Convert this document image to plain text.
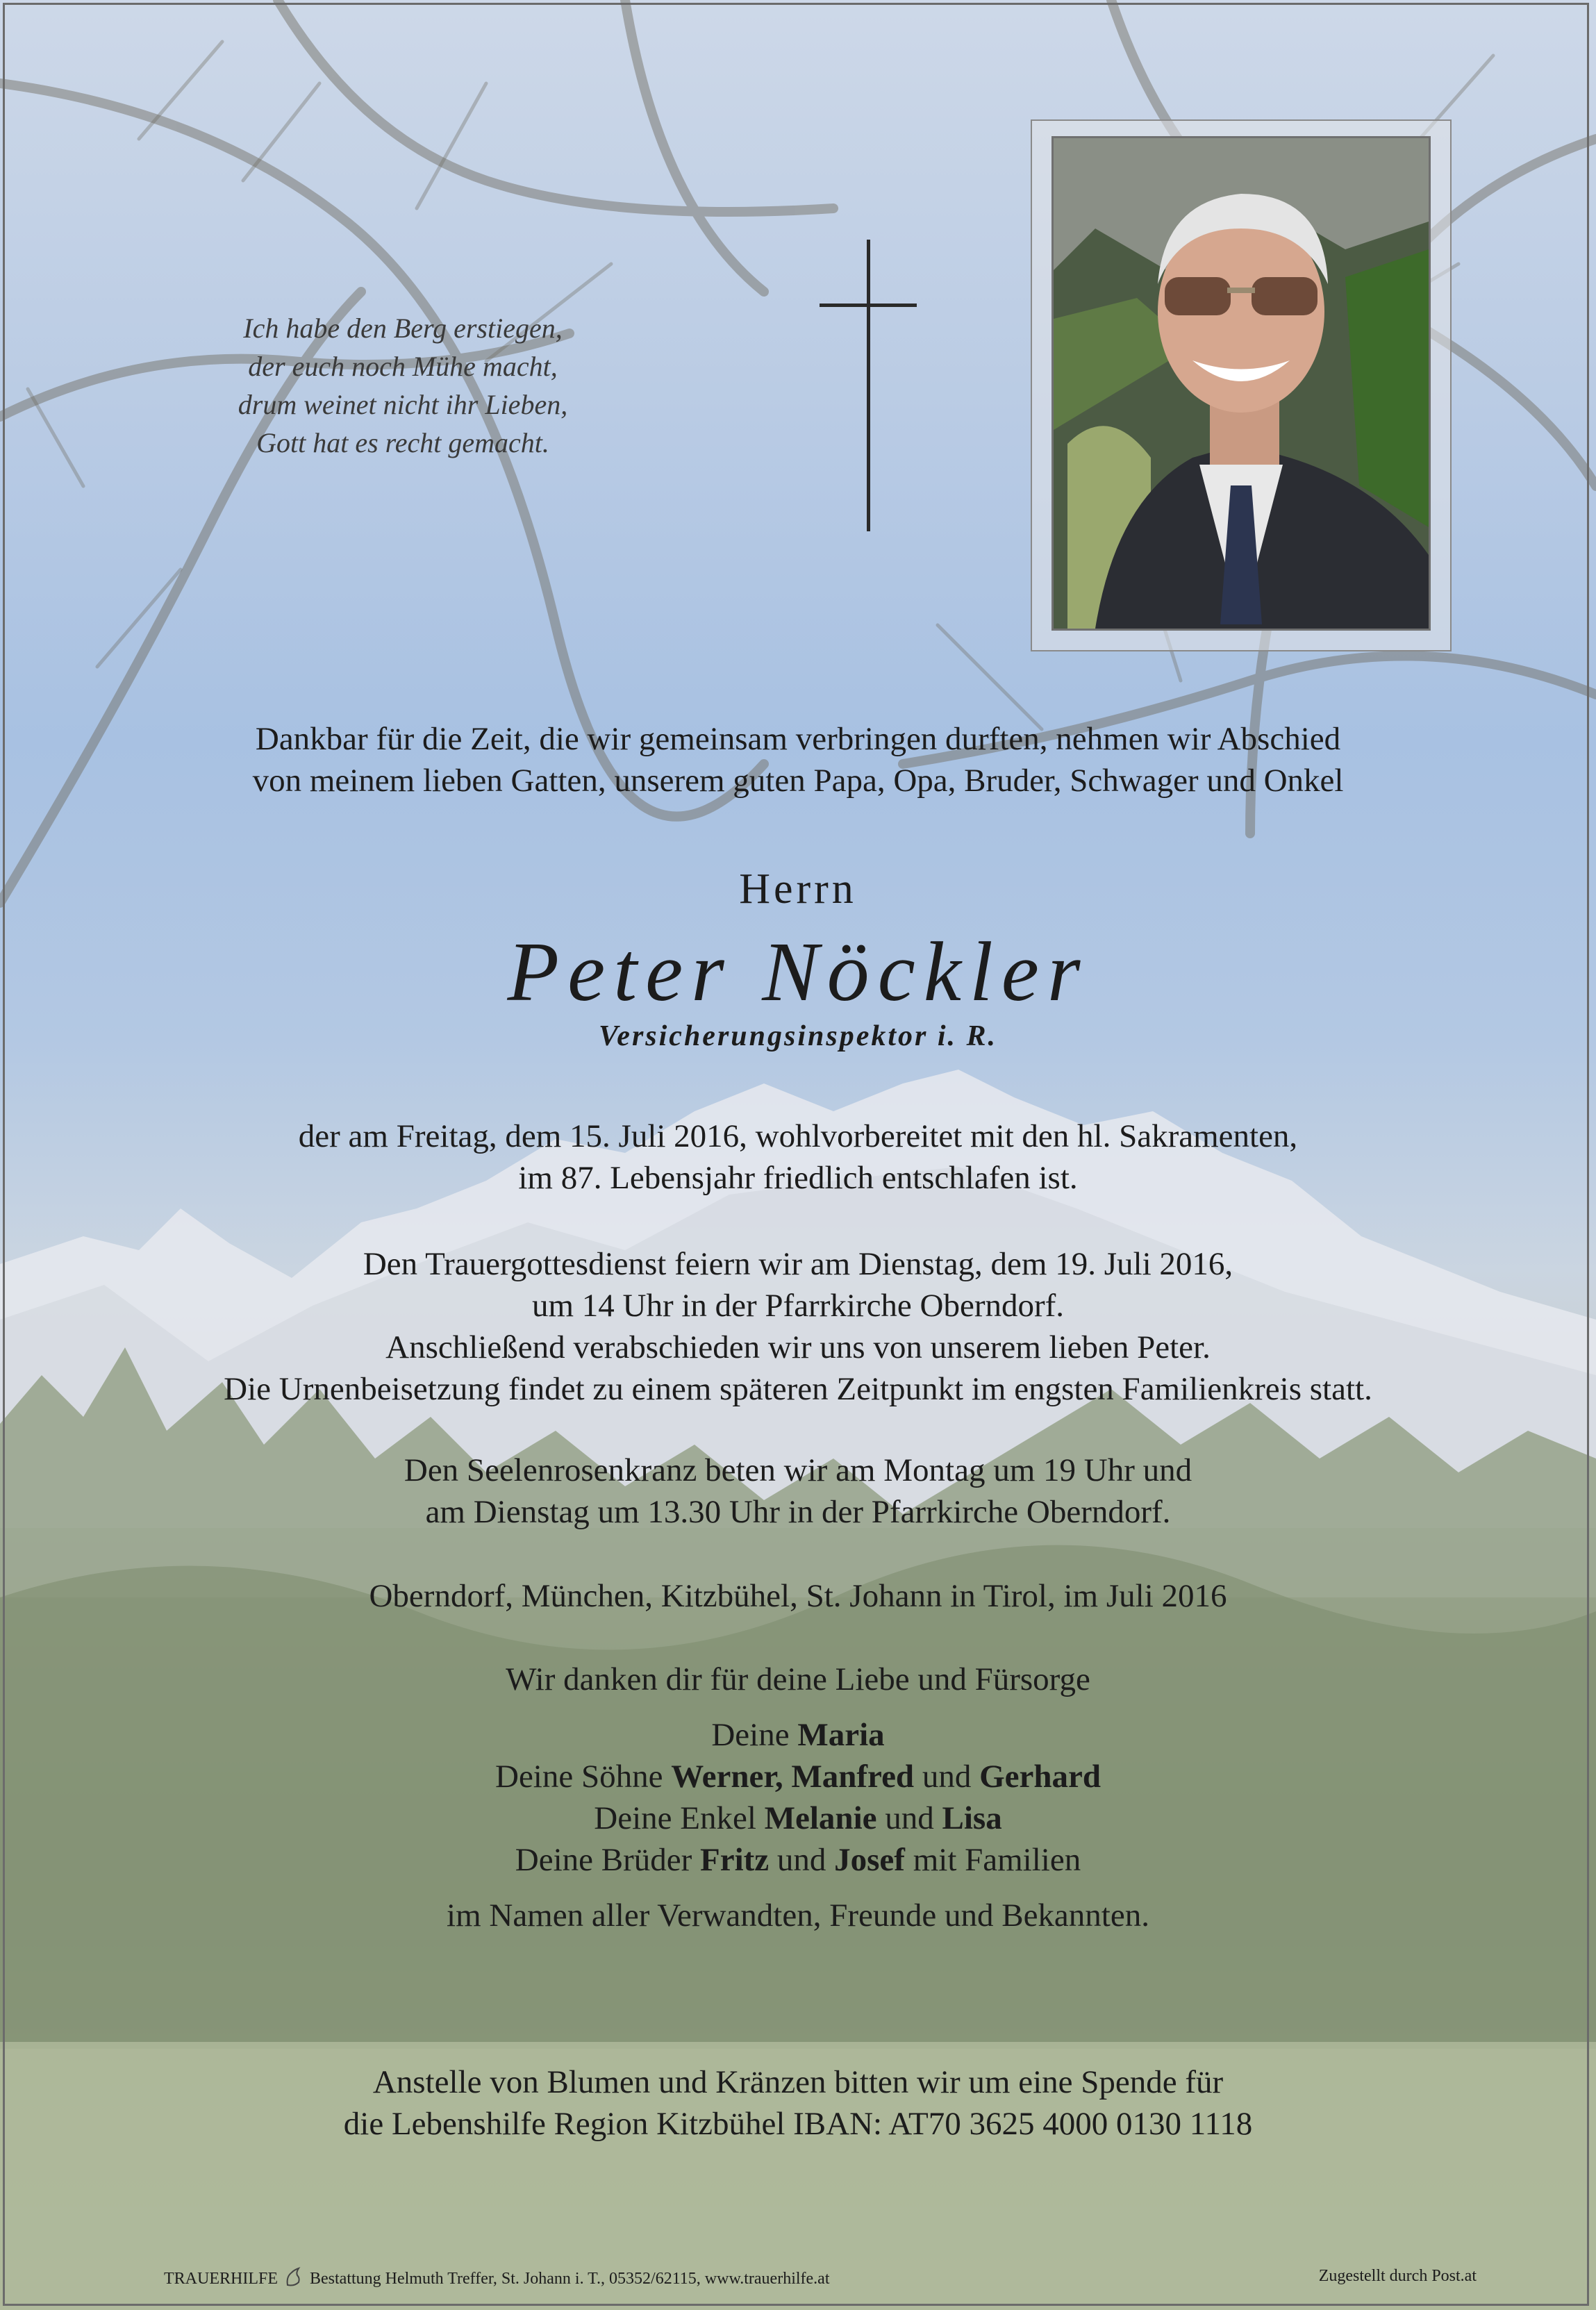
Ich habe den Berg erstiegen,
der euch noch Mühe macht,
drum weinet nicht ihr Lieben,
Gott hat es recht gemacht.
Dankbar für die Zeit, die wir gemeinsam verbringen durften, nehmen wir Abschied
von meinem lieben Gatten, unserem guten Papa, Opa, Bruder, Schwager und Onkel
Herrn
Peter Nöckler
Versicherungsinspektor i. R.
der am Freitag, dem 15. Juli 2016, wohlvorbereitet mit den hl. Sakramenten,
im 87. Lebensjahr friedlich entschlafen ist.
Den Trauergottesdienst feiern wir am Dienstag, dem 19. Juli 2016,
um 14 Uhr in der Pfarrkirche Oberndorf.
Anschließend verabschieden wir uns von unserem lieben Peter.
Die Urnenbeisetzung findet zu einem späteren Zeitpunkt im engsten Familienkreis statt.
Den Seelenrosenkranz beten wir am Montag um 19 Uhr und
am Dienstag um 13.30 Uhr in der Pfarrkirche Oberndorf.
Oberndorf, München, Kitzbühel, St. Johann in Tirol, im Juli 2016
Wir danken dir für deine Liebe und Fürsorge
Deine Maria
Deine Söhne Werner, Manfred und Gerhard
Deine Enkel Melanie und Lisa
Deine Brüder Fritz und Josef mit Familien
im Namen aller Verwandten, Freunde und Bekannten.
Anstelle von Blumen und Kränzen bitten wir um eine Spende für
die Lebenshilfe Region Kitzbühel IBAN: AT70 3625 4000 0130 1118
TRAUERHILFE Bestattung Helmuth Treffer, St. Johann i. T., 05352/62115, www.trauerhilfe.at	Zugestellt durch Post.at
